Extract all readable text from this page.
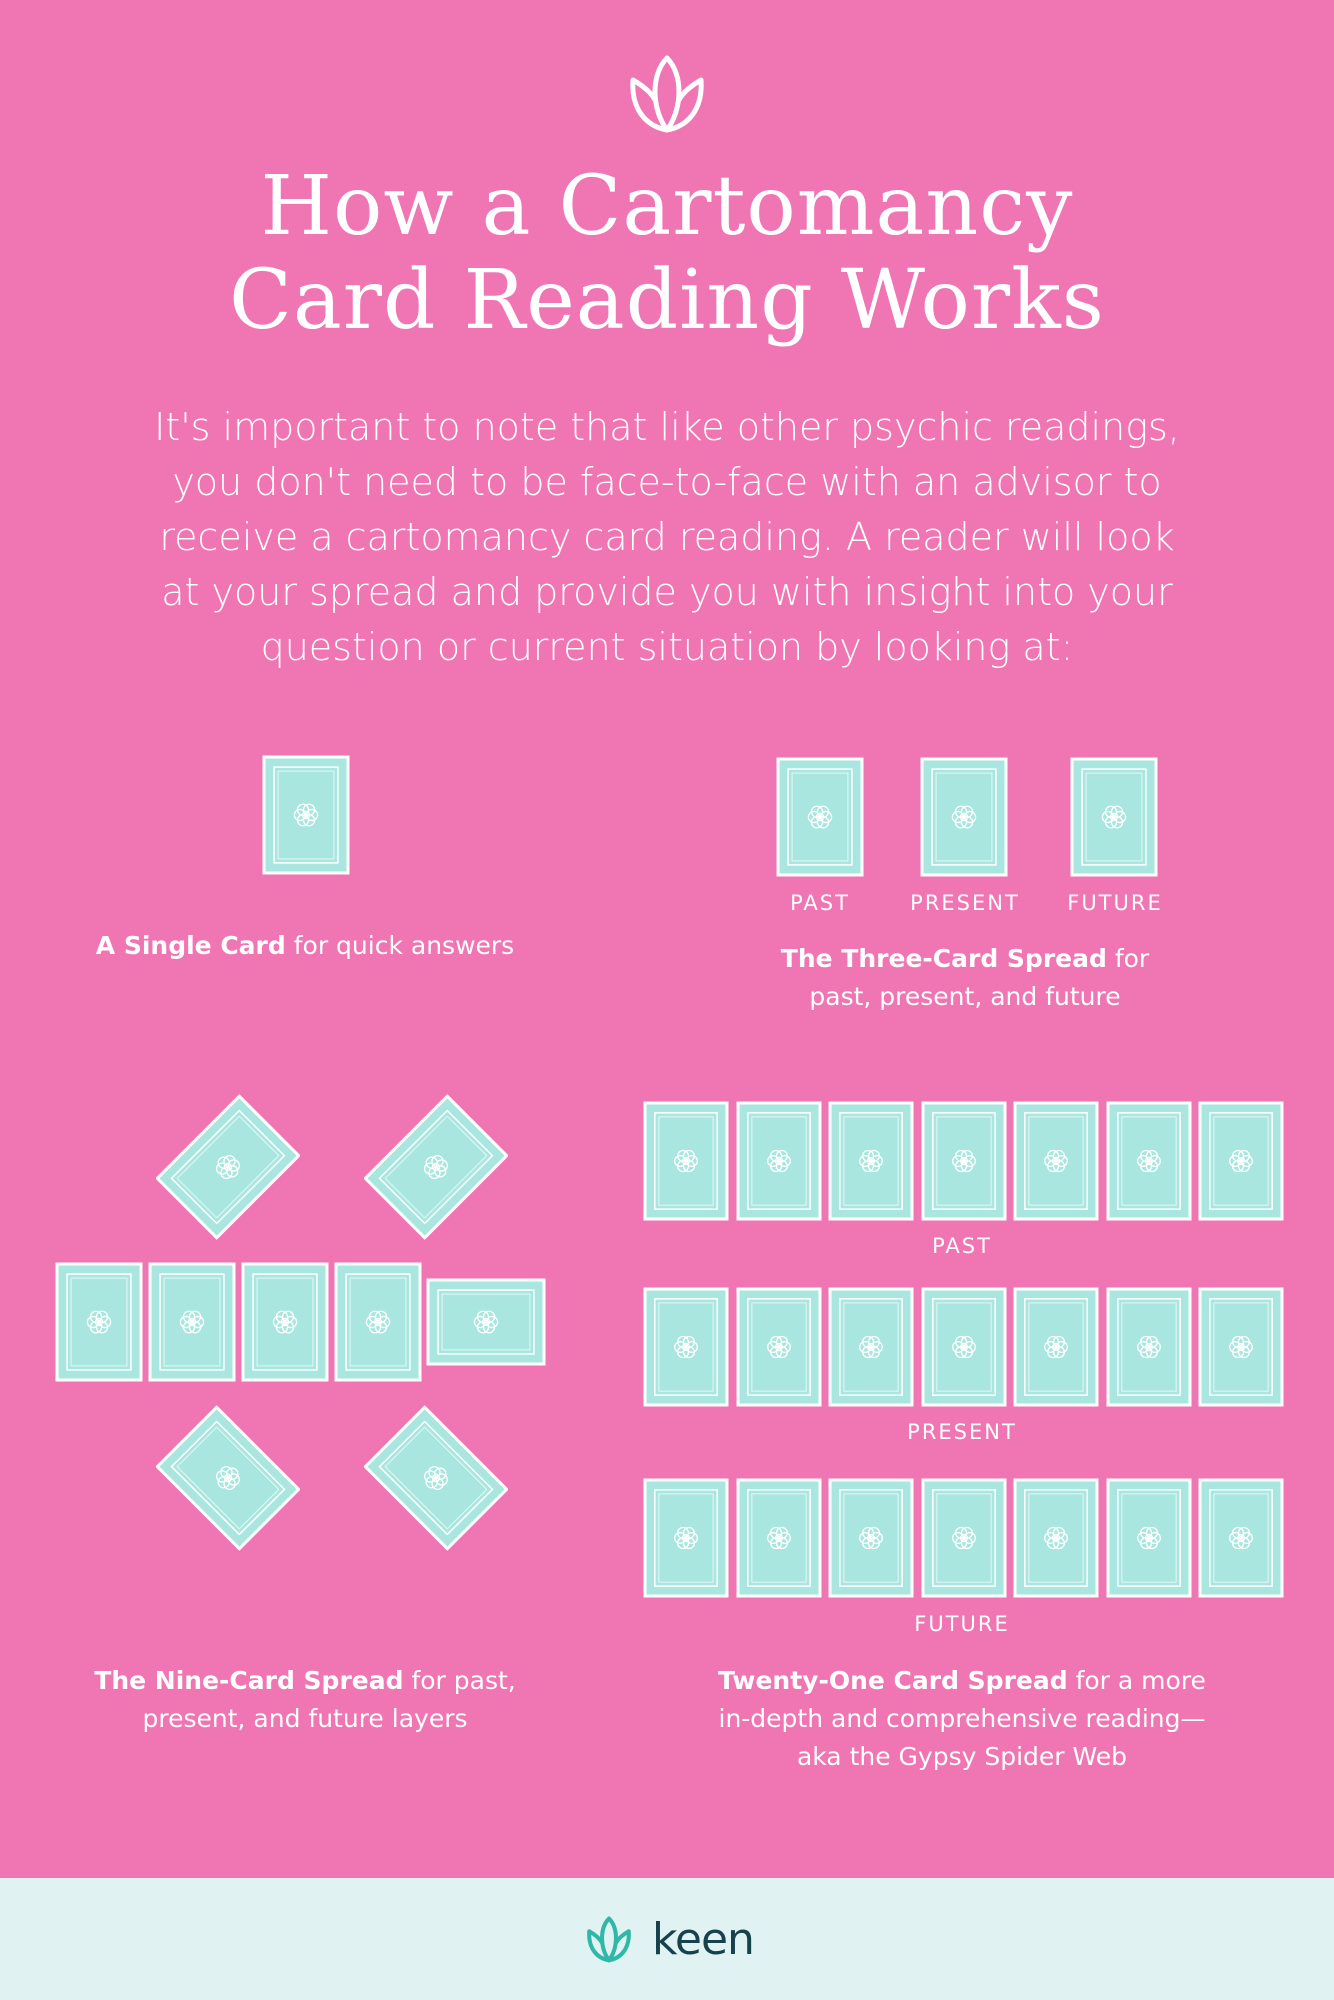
How a Cartomancy
Card Reading Works
It's important to note that like other psychic readings, you don't need to be face-to-face with an advisor to receive a cartomancy card reading. A reader will look at your spread and provide you with insight into your question or current situation by looking at:
A Single Card for quick answers
PAST	PRESENT	FUTURE
The Three-Card Spread for past, present, and future
The Nine-Card Spread for past, present, and future layers
PAST
PRESENT
FUTURE
Twenty-One Card Spread for a more in-depth and comprehensive reading—aka the Gypsy Spider Web
keen
